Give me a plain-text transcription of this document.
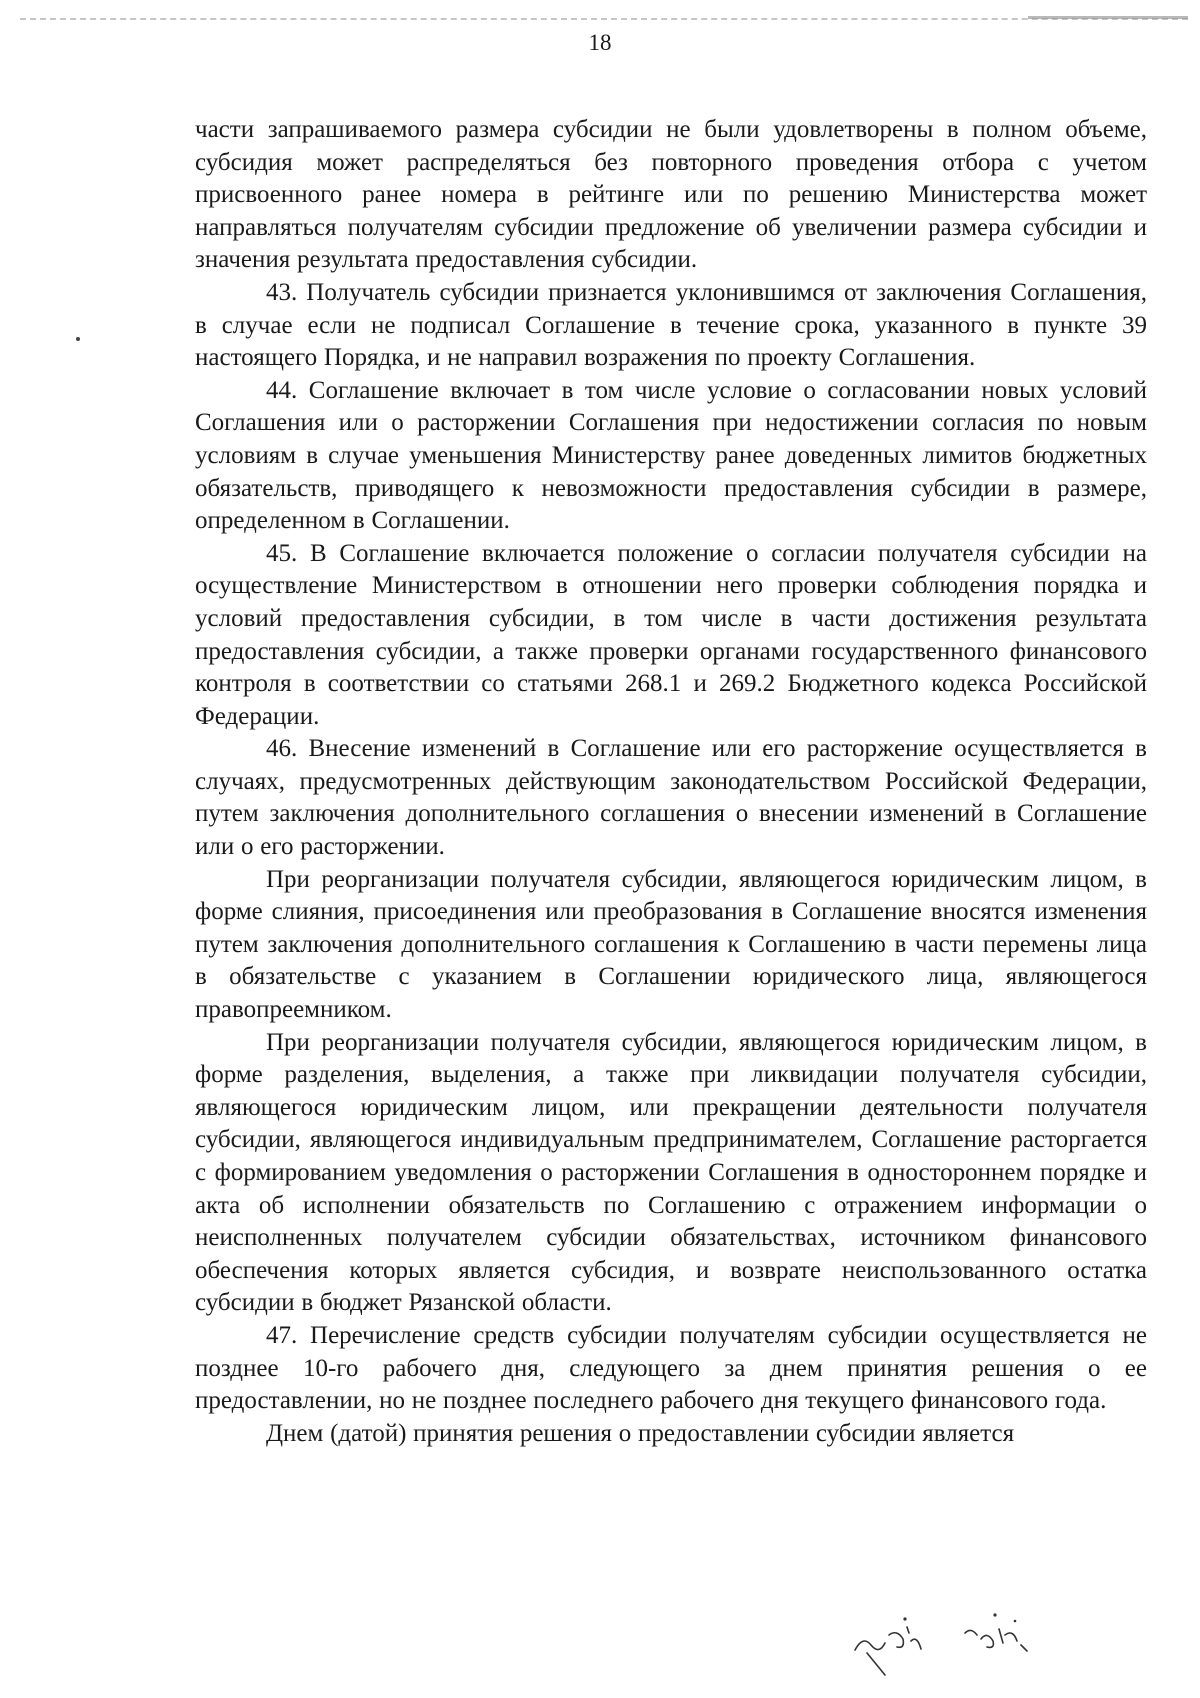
18

части запрашиваемого размера субсидии не были удовлетворены в полном объеме, субсидия может распределяться без повторного проведения отбора с учетом присвоенного ранее номера в рейтинге или по решению Министерства может направляться получателям субсидии предложение об увеличении размера субсидии и значения результата предоставления субсидии.

43. Получатель субсидии признается уклонившимся от заключения Соглашения, в случае если не подписал Соглашение в течение срока, указанного в пункте 39 настоящего Порядка, и не направил возражения по проекту Соглашения.

44. Соглашение включает в том числе условие о согласовании новых условий Соглашения или о расторжении Соглашения при недостижении согласия по новым условиям в случае уменьшения Министерству ранее доведенных лимитов бюджетных обязательств, приводящего к невозможности предоставления субсидии в размере, определенном в Соглашении.

45. В Соглашение включается положение о согласии получателя субсидии на осуществление Министерством в отношении него проверки соблюдения порядка и условий предоставления субсидии, в том числе в части достижения результата предоставления субсидии, а также проверки органами государственного финансового контроля в соответствии со статьями 268.1 и 269.2 Бюджетного кодекса Российской Федерации.

46. Внесение изменений в Соглашение или его расторжение осуществляется в случаях, предусмотренных действующим законодательством Российской Федерации, путем заключения дополнительного соглашения о внесении изменений в Соглашение или о его расторжении.

При реорганизации получателя субсидии, являющегося юридическим лицом, в форме слияния, присоединения или преобразования в Соглашение вносятся изменения путем заключения дополнительного соглашения к Соглашению в части перемены лица в обязательстве с указанием в Соглашении юридического лица, являющегося правопреемником.

При реорганизации получателя субсидии, являющегося юридическим лицом, в форме разделения, выделения, а также при ликвидации получателя субсидии, являющегося юридическим лицом, или прекращении деятельности получателя субсидии, являющегося индивидуальным предпринимателем, Соглашение расторгается с формированием уведомления о расторжении Соглашения в одностороннем порядке и акта об исполнении обязательств по Соглашению с отражением информации о неисполненных получателем субсидии обязательствах, источником финансового обеспечения которых является субсидия, и возврате неиспользованного остатка субсидии в бюджет Рязанской области.

47. Перечисление средств субсидии получателям субсидии осуществляется не позднее 10-го рабочего дня, следующего за днем принятия решения о ее предоставлении, но не позднее последнего рабочего дня текущего финансового года.

Днем (датой) принятия решения о предоставлении субсидии является
